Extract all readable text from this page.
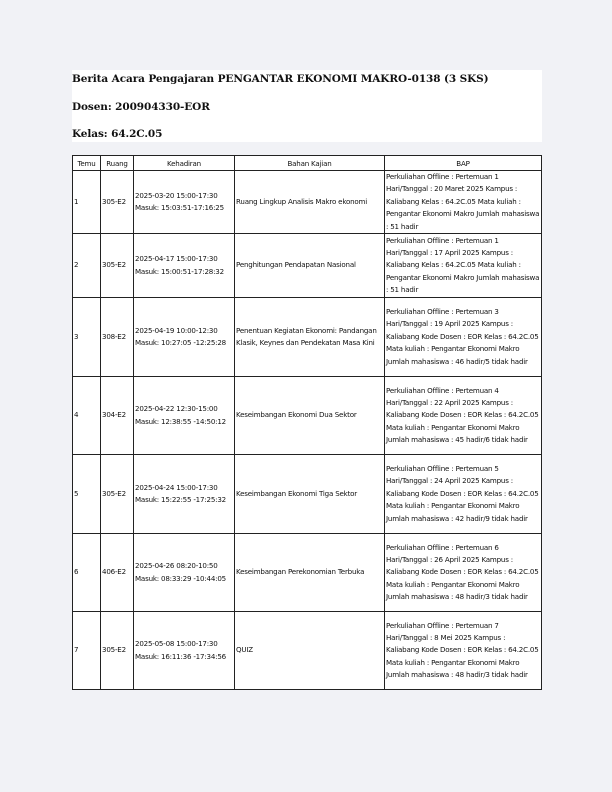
Berita Acara Pengajaran PENGANTAR EKONOMI MAKRO-0138 (3 SKS)
Dosen: 200904330-EOR
Kelas: 64.2C.05
Temu	Ruang	Kehadiran	Bahan Kajian	BAP
1	305-E2	2025-03-20 15:00-17:30 Masuk: 15:03:51-17:16:25	Ruang Lingkup Analisis Makro ekonomi	Perkuliahan Offline : Pertemuan 1 Hari/Tanggal : 20 Maret 2025 Kampus : Kaliabang Kelas : 64.2C.05 Mata kuliah : Pengantar Ekonomi Makro Jumlah mahasiswa : 51 hadir
2	305-E2	2025-04-17 15:00-17:30 Masuk: 15:00:51-17:28:32	Penghitungan Pendapatan Nasional	Perkuliahan Offline : Pertemuan 1 Hari/Tanggal : 17 April 2025 Kampus : Kaliabang Kelas : 64.2C.05 Mata kuliah : Pengantar Ekonomi Makro Jumlah mahasiswa : 51 hadir
3	308-E2	2025-04-19 10:00-12:30 Masuk: 10:27:05 -12:25:28	Penentuan Kegiatan Ekonomi: Pandangan Klasik, Keynes dan Pendekatan Masa Kini	Perkuliahan Offline : Pertemuan 3 Hari/Tanggal : 19 April 2025 Kampus : Kaliabang Kode Dosen : EOR Kelas : 64.2C.05 Mata kuliah : Pengantar Ekonomi Makro Jumlah mahasiswa : 46 hadir/5 tidak hadir
4	304-E2	2025-04-22 12:30-15:00 Masuk: 12:38:55 -14:50:12	Keseimbangan Ekonomi Dua Sektor	Perkuliahan Offline : Pertemuan 4 Hari/Tanggal : 22 April 2025 Kampus : Kaliabang Kode Dosen : EOR Kelas : 64.2C.05 Mata kuliah : Pengantar Ekonomi Makro Jumlah mahasiswa : 45 hadir/6 tidak hadir
5	305-E2	2025-04-24 15:00-17:30 Masuk: 15:22:55 -17:25:32	Keseimbangan Ekonomi Tiga Sektor	Perkuliahan Offline : Pertemuan 5 Hari/Tanggal : 24 April 2025 Kampus : Kaliabang Kode Dosen : EOR Kelas : 64.2C.05 Mata kuliah : Pengantar Ekonomi Makro Jumlah mahasiswa : 42 hadir/9 tidak hadir
6	406-E2	2025-04-26 08:20-10:50 Masuk: 08:33:29 -10:44:05	Keseimbangan Perekonomian Terbuka	Perkuliahan Offline : Pertemuan 6 Hari/Tanggal : 26 April 2025 Kampus : Kaliabang Kode Dosen : EOR Kelas : 64.2C.05 Mata kuliah : Pengantar Ekonomi Makro Jumlah mahasiswa : 48 hadir/3 tidak hadir
7	305-E2	2025-05-08 15:00-17:30 Masuk: 16:11:36 -17:34:56	QUIZ	Perkuliahan Offline : Pertemuan 7 Hari/Tanggal : 8 Mei 2025 Kampus : Kaliabang Kode Dosen : EOR Kelas : 64.2C.05 Mata kuliah : Pengantar Ekonomi Makro Jumlah mahasiswa : 48 hadir/3 tidak hadir
